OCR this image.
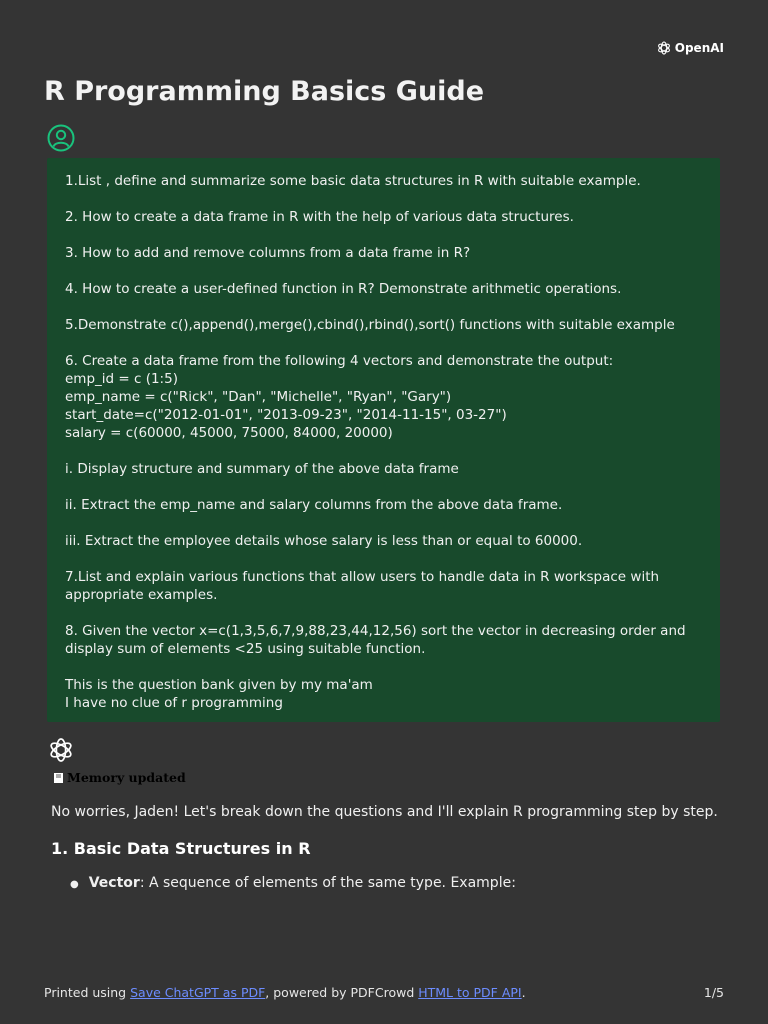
OpenAI
R Programming Basics Guide

1.List , define and summarize some basic data structures in R with suitable example.

2. How to create a data frame in R with the help of various data structures.

3. How to add and remove columns from a data frame in R?

4. How to create a user-defined function in R? Demonstrate arithmetic operations.

5.Demonstrate c(),append(),merge(),cbind(),rbind(),sort() functions with suitable example

6. Create a data frame from the following 4 vectors and demonstrate the output:
emp_id = c (1:5)
emp_name = c("Rick", "Dan", "Michelle", "Ryan", "Gary")
start_date=c("2012-01-01", "2013-09-23", "2014-11-15", 03-27")
salary = c(60000, 45000, 75000, 84000, 20000)

i. Display structure and summary of the above data frame

ii. Extract the emp_name and salary columns from the above data frame.

iii. Extract the employee details whose salary is less than or equal to 60000.

7.List and explain various functions that allow users to handle data in R workspace with appropriate examples.

8. Given the vector x=c(1,3,5,6,7,9,88,23,44,12,56) sort the vector in decreasing order and display sum of elements <25 using suitable function.

This is the question bank given by my ma'am
I have no clue of r programming

Memory updated

No worries, Jaden! Let's break down the questions and I'll explain R programming step by step.

1. Basic Data Structures in R
● Vector: A sequence of elements of the same type. Example:
Printed using Save ChatGPT as PDF, powered by PDFCrowd HTML to PDF API.	1/5
